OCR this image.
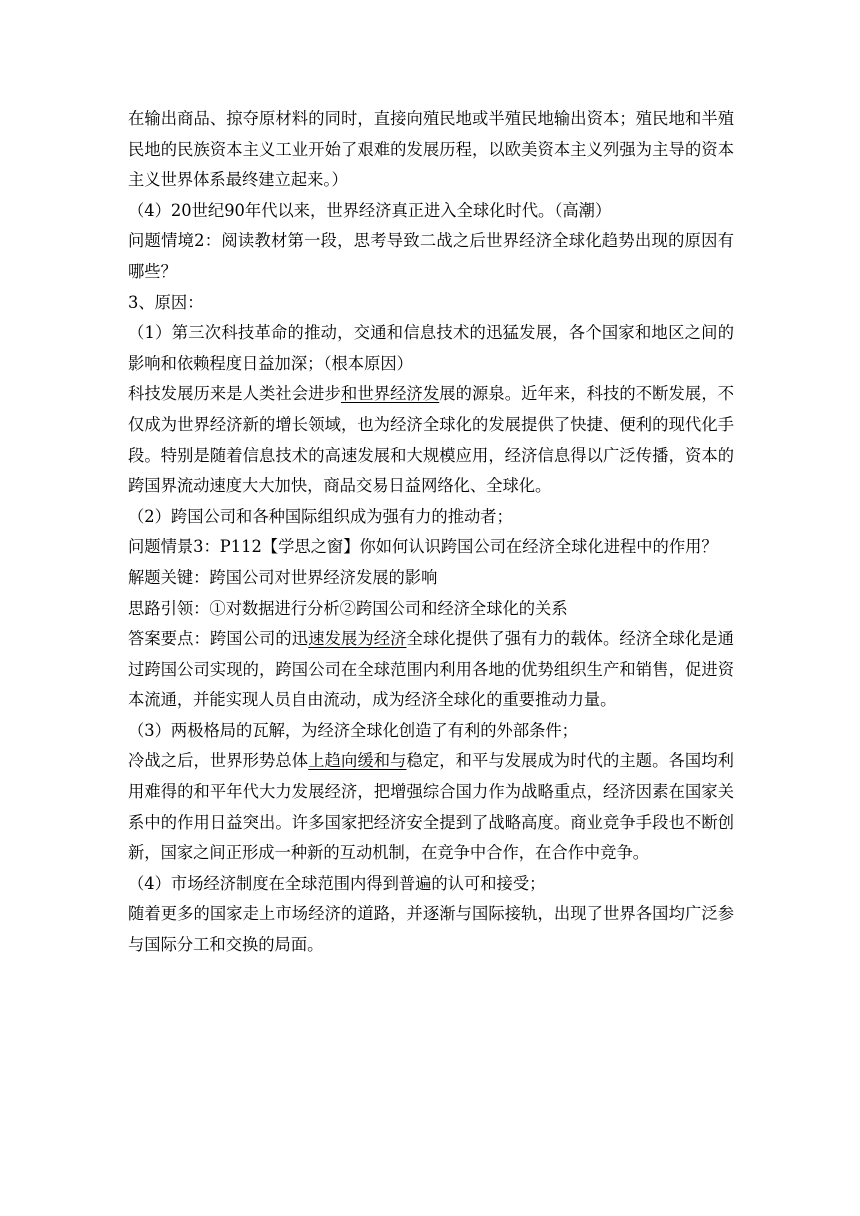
在输出商品、掠夺原材料的同时，直接向殖民地或半殖民地输出资本；殖民地和半殖民地的民族资本主义工业开始了艰难的发展历程，以欧美资本主义列强为主导的资本主义世界体系最终建立起来。）

（4）20世纪90年代以来，世界经济真正进入全球化时代。（高潮）

问题情境2：阅读教材第一段，思考导致二战之后世界经济全球化趋势出现的原因有哪些？

3、原因：

（1）第三次科技革命的推动，交通和信息技术的迅猛发展，各个国家和地区之间的影响和依赖程度日益加深；（根本原因）

科技发展历来是人类社会进步和世界经济发展的源泉。近年来，科技的不断发展，不仅成为世界经济新的增长领域，也为经济全球化的发展提供了快捷、便利的现代化手段。特别是随着信息技术的高速发展和大规模应用，经济信息得以广泛传播，资本的跨国界流动速度大大加快，商品交易日益网络化、全球化。

（2）跨国公司和各种国际组织成为强有力的推动者；

问题情景3：P112【学思之窗】你如何认识跨国公司在经济全球化进程中的作用？

解题关键：跨国公司对世界经济发展的影响

思路引领：①对数据进行分析②跨国公司和经济全球化的关系

答案要点：跨国公司的迅速发展为经济全球化提供了强有力的载体。经济全球化是通过跨国公司实现的，跨国公司在全球范围内利用各地的优势组织生产和销售，促进资本流通，并能实现人员自由流动，成为经济全球化的重要推动力量。

（3）两极格局的瓦解，为经济全球化创造了有利的外部条件；

冷战之后，世界形势总体上趋向缓和与稳定，和平与发展成为时代的主题。各国均利用难得的和平年代大力发展经济，把增强综合国力作为战略重点，经济因素在国家关系中的作用日益突出。许多国家把经济安全提到了战略高度。商业竞争手段也不断创新，国家之间正形成一种新的互动机制，在竞争中合作，在合作中竞争。

（4）市场经济制度在全球范围内得到普遍的认可和接受；

随着更多的国家走上市场经济的道路，并逐渐与国际接轨，出现了世界各国均广泛参与国际分工和交换的局面。
